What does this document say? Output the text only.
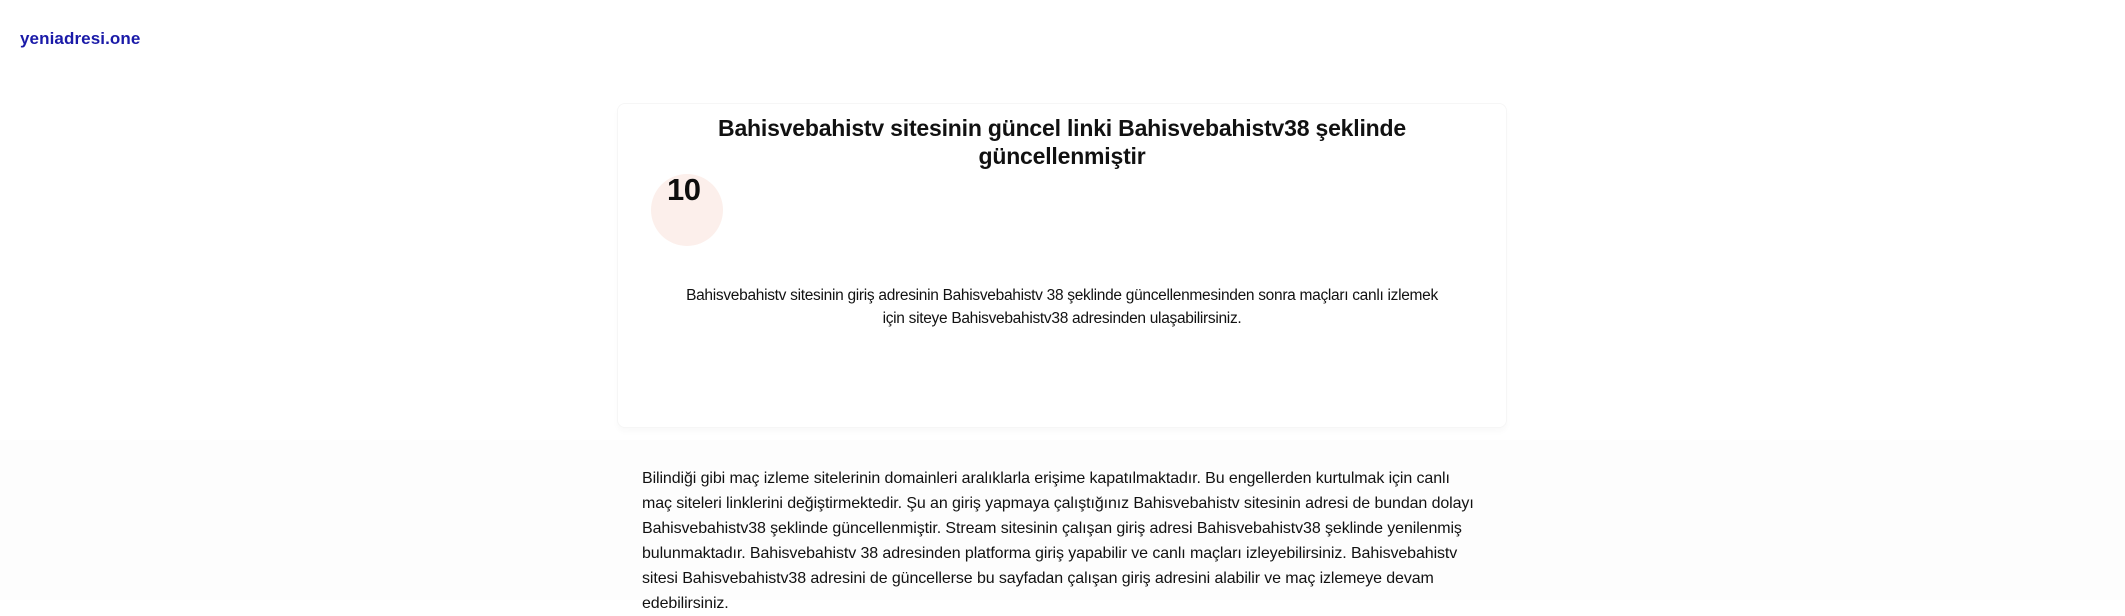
yeniadresi.one
Bahisvebahistv sitesinin güncel linki Bahisvebahistv38 şeklinde
güncellenmiştir
10

Bahisvebahistv sitesinin giriş adresinin Bahisvebahistv 38 şeklinde güncellenmesinden sonra maçları canlı izlemek
için siteye Bahisvebahistv38 adresinden ulaşabilirsiniz.

Bilindiği gibi maç izleme sitelerinin domainleri aralıklarla erişime kapatılmaktadır. Bu engellerden kurtulmak için canlı
maç siteleri linklerini değiştirmektedir. Şu an giriş yapmaya çalıştığınız Bahisvebahistv sitesinin adresi de bundan dolayı
Bahisvebahistv38 şeklinde güncellenmiştir. Stream sitesinin çalışan giriş adresi Bahisvebahistv38 şeklinde yenilenmiş
bulunmaktadır. Bahisvebahistv 38 adresinden platforma giriş yapabilir ve canlı maçları izleyebilirsiniz. Bahisvebahistv
sitesi Bahisvebahistv38 adresini de güncellerse bu sayfadan çalışan giriş adresini alabilir ve maç izlemeye devam
edebilirsiniz.
